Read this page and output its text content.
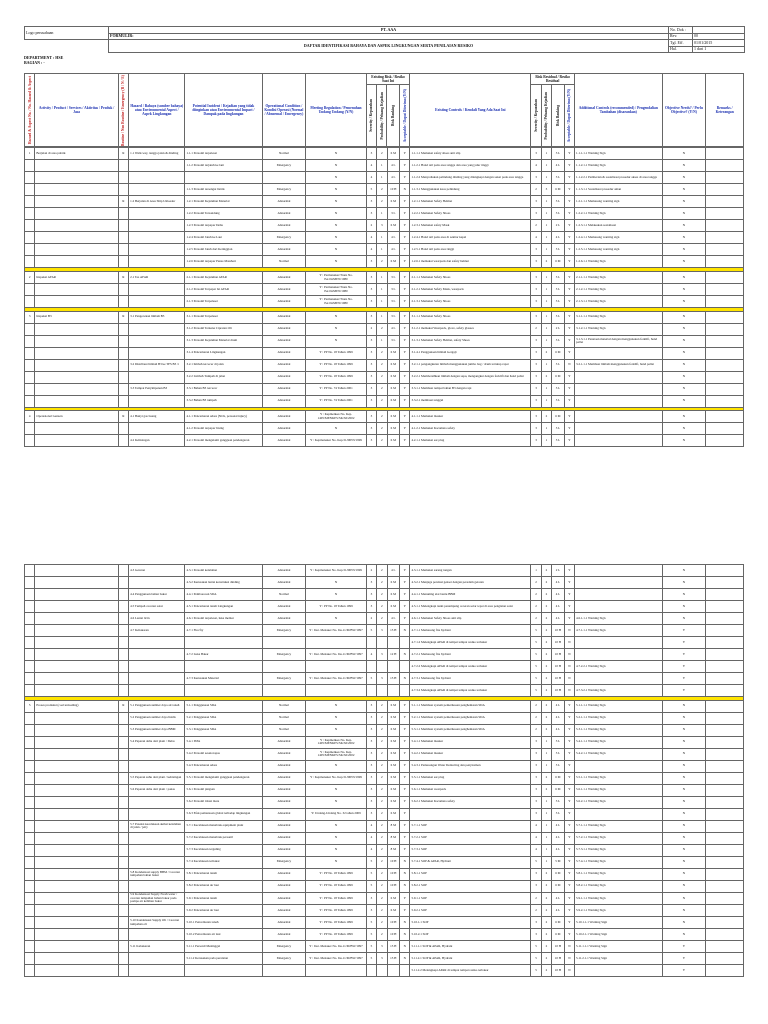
Logo perusahaan	PT. AAA	No. Dok :	
	FORMULIR:	Rev.	00
	DAFTAR IDENTIFIKASI BAHAYA DAN ASPEK LINGKUNGAN SERTA PENILAIAN RESIKO	Tgl. Eff.	01/01/2015
		Hal.	1 dari 1
DEPARTMENT : HSE
BAGIAN : -
Hazard & Aspect No. / No. Hazard & Aspect	Activity / Product / Services / Aktivitas / Produk / Jasa	Routine / Non Routine / Emergency (R / N / E)	Hazard / Bahaya (sumber bahaya) atau Environmental Aspect / Aspek Lingkungan	Potential Incident / Kejadian yang tidak diinginkan atau Environmental Impact / Dampak pada lingkungan	Operational Condition / Kondisi Operasi (Normal / Abnormal / Emergency)	Meeting Regulation / Pemenuhan Undang Undang (Y/N)	Existing Risk / Resiko Saat Ini				Existing Controls / Kendali Yang Ada Saat Ini	Risk Residual / Resiko Residual				Additional Controls (recommended) / Pengendalian Tambahan (disarankan)	Objective Needs? / Perlu Objective? (Y/N)	Remarks / Keterangan

							Severity / Keparahan	Probability / Peluang Kejadian	Risk Ranking	Acceptable / Dapat Diterima (Y/N)		Severity / Keparahan	Probability / Peluang Kejadian	Risk Ranking	Acceptable / Dapat Diterima (Y/N)			
1	Berjalan di area pabrik	R	1.1 Walk way, tangga jalan & dinding	1.1.1 Personil terpeleset	Normal	N	3	2	6 M	Y	1.1.1.1 Memakai safety shoes anti slip	3	1	3 L	Y	1.1.1.1.1 Warning Sign	N	
				1.1.2 Personil terjatuh ke lant	Emergency	N	4	1	4 L	Y	1.1.2.1 Hand rail pada area tangga dan area yang jalur tinggi	4	1	4 L	Y	1.1.2.1.1 Warning Sign	N	
						N	4	1	4 L	Y	1.1.2.2 Menyediakan pelindung dinding yang dilengkapi dengan sekat pada area tangga	3	1	3 L	Y	1.1.2.2.1 Pemberian & sosialisasi prosedur akses di area tangga	N	
				1.1.3 Personil tersengat listrik	Emergency	N	5	2	10 H	N	1.1.3.1 Menggunakan kaos pelindung	2	3	6 M	Y	1.1.3.1.1 Sosialisasi prosedur aman	N	
		R	1.2 Berjalan di Area Ship Unloader	1.2.1 Personil Kejatuhan Material	Abnormal	N	3	2	6 M	Y	1.2.1.1 Memakai Safety Helmet	3	1	3 L	Y	1.2.1.1.1 Memasang warning sign	N	
				1.2.2 Personil Tersandung	Abnormal	N	3	1	3 L	Y	1.2.2.1 Memakai Safety Shoes	3	1	3 L	Y	1.2.2.1.1 Warning Sign	N	
				1.2.3 Personil terpapar Debu	Abnormal	N	2	3	6 M	Y	1.2.3.1 Memakai safety Mask	2	1	2 L	Y	1.2.3.1.1 Melakukan sosialisasi	N	
				1.2.4 Personil Jatuh ke Laut	Emergency	N	4	1	4 L	Y	1.2.4.1 Hand rail pada area di sekitar kapal	4	1	4 L	Y	1.2.4.1.1 Memasang warning sign	N	
				1.2.5 Personil Jatuh dari Ketinggian	Abnormal	N	4	1	4 L	Y	1.2.5.1 Hand rail pada area tinggi	3	1	3 L	Y	1.2.5.1.1 Memasang warning sign	N	
				1.2.6 Personil terpapar Panas Matahari	Normal	N	3	2	6 M	Y	1.2.6.1 memakai wearpack dan safety helmet	3	2	6 M	Y	1.2.6.1.1 Warning Sign	N	

2	Inspeksi AFAR	R	2.1 Tes AFAR	2.1.1 Personil Kejatuhan AFAR	Abnormal	Y : Permenaker/Trans No. Per.04/MEN/1980	3	1	3 L	Y	2.1.1.1 Memakai Safety Shoes	3	1	3 L	Y	2.1.1.1.1 Warning Sign	N	
				2.1.2 Personil Terpapar Isi AFAR	Abnormal	Y : Permenaker/Trans No. Per.04/MEN/1980	3	1	3 L	Y	2.1.2.1 Memakai Safety Mask, wearpack	3	1	3 L	Y	2.1.2.1.1 Warning Sign	N	
				2.1.3 Personil Terpeleset	Abnormal	Y : Permenaker/Trans No. Per.04/MEN/1980	3	1	3 L	Y	2.1.3.1 Memakai Safety Shoes	3	1	3 L	Y	2.1.3.1.1 Warning Sign	N	

3	Inspeksi B3	R	3.1 Pengecekan limbah B3	3.1.1 Personil Terpeleset	Abnormal	N	3	1	3 L	Y	3.1.1.1 Memakai Safety Shoes	3	1	3 L	Y	3.1.1.1.1 Warning Sign	N	
				3.1.2 Personil Terkena Cipratan Oli	Abnormal	N	2	2	4 L	Y	3.1.2.1 memakai Wearpack, glove, safety glasses	2	1	2 L	Y	3.1.2.1.1 Warning Sign	N	
				3.1.3 Personil Kejatuhan Material drum	Abnormal	N	3	1	3 L	Y	3.1.3.1 Memakai Safety Helmet, safety Shoes	3	1	3 L	Y	3.1.3.1.1 Penataan material dengan menggunakan forklift, hand pallet	N	
				3.1.4 Pencemaran Lingkungan	Abnormal	Y : PP No. 18 Tahun 1999	3	2	6 M	Y	3.1.4.1 Penggunaan limbah Gergaji	3	2	6 M	Y		N	
			3.2 Distribusi limbah B3 ke TPS B3 /t	3.2.1 limbah tercecer di jalan	Abnormal	Y : PP No. 18 Tahun 1999	3	2	6 M	Y	3.2.1.1 pengangkutan limbah menggunakan jumbo bag / drum tertutup rapat	3	1	3 L	N	3.2.1.1.1 Membuat limbah menggunakan forklift, hand pallet	N	
				3.2.2 Limbah Tumpah di jalan	Abnormal	Y : PP No. 18 Tahun 1999	3	2	6 M	Y	3.2.2.1 Membersihkan limbah dengan sapu, mengangkut dengan forklift dan hand pallet	3	2	6 M	Y		N	
			3.3 Tempat Penyimpanan B3	3.3.1 Bahan B3 tercecer	Abnormal	Y : PP No. 74 Tahun 2001	3	2	6 M	Y	3.3.1.1 Membuat tempat bahan B3 dengan rapi	3	1	3 L	Y		N	
				3.3.2 Bahan B3 tumpah	Abnormal	Y : PP No. 74 Tahun 2001	3	2	6 M	Y	3.3.2.1 membuat tanggul	3	1	3 L	Y		N	

4	Operasional Gensets	R	4.1 Bunyi gas buang	4.1.1 Pencemaran udara (NOx, personal injury)	Abnormal	Y : Kepmenkes No. Kep. 1405/MENKES/SK/XI/2002	3	2	6 M	Y	4.1.1.1 Memakai masker	3	2	6 M	Y		N	
				4.1.2 Personil terpapar bising	Abnormal	N	3	2	6 M	Y	4.1.2.1 Memakai Kacamata safety	3	1	3 L	Y		N	
			4.2 Kebisingan	4.2.1 Personil mengalami gangguan pendengaran	Abnormal	Y : Kepmenaker No. Kep.51/MEN/1999	3	2	6 M	Y	4.2.1.1 Memakai ear plug	3	1	3 L	Y		N	
			4.3 Getaran	4.3.1 Personil kelelahan	Abnormal	Y : Kepmenaker No. Kep.51/MEN/1999	2	2	4 L	Y	4.3.1.1 Memakai sarung tangan	1	2	2 L	Y		N	
				4.3.2 Kerusakan lantai konstruksi dinding	Abnormal	N	3	2	6 M	Y	4.3.2.1 Menjaga pondasi genset dengan peredam getaran	2	2	4 L	Y		N	
			4.4 Penggunaan bahan bakar	4.4.1 Pemborosan SDA	Normal	N	3	2	6 M	Y	4.4.1.1 Menumng alat bantu BBM	2	2	4 L	Y		N	
			4.5 Tumpah ceceran solar	4.5.1 Pencemaran tanah Lingkungan	Abnormal	Y : PP No. 18 Tahun 1999	3	2	6 M	Y	4.5.1.1 Melengkapi tanki penampung ceceran solar tepat di area pengisian solar	2	2	4 L	Y		N	
			4.6 Lantai licin	4.6.1 Personil terpeleset, luka memar	Abnormal	N	2	2	4 L	Y	4.6.1.1 Memakai Safety Shoes anti slip	2	2	4 L	Y	4.6.1.1.1 Warning Sign	N	
			4.7 Kebakaran	4.7.1 Fire/fry	Emergency	Y : Inst. Menaker No. Ins.11/M/BW/1997	5	3	15 H	N	4.7.1.1 Memasang fire hydrant	5	2	10 H	N	4.7.1.1.1 Warning Sign	Y	
											4.7.1.2 Melengkapi APAR di tempat tempat resiko terbakar	5	2	10 H	N		Y	
				4.7.2 Luka Bakar	Emergency	Y : Inst. Menaker No. Ins.11/M/BW/1997	4	3	12 H	N	4.7.2.1 Memasang fire hydrant	5	2	10 H	N		Y	
											4.7.2.2 Melengkapi APAR di tempat tempat resiko terbakar	5	2	10 H	N	4.7.2.2.1 Warning Sign	Y	
				4.7.3 Kerusakan Material	Emergency	Y : Inst. Menaker No. Ins.11/M/BW/1997	5	3	15 H	N	4.7.3.1 Memasang fire hydrant	5	2	10 H	N		Y	
											4.7.3.2 Melengkapi APAR di tempat tempat resiko terbakar	5	2	10 H	N	4.7.3.2.1 Warning Sign	Y	

5	Proses produksi (coal unloading)	R	5.1 Penggunaan sumber daya air tanah	5.1.1 Penggunaan SDA	Normal	N	3	2	6 M	Y	5.1.1.1 Membuat system pemeriksaan penghematan SDA	2	2	4 L	Y	5.1.1.1.1 Warning Sign	N	
			5.2 Penggunaan sumber daya listrik	5.2.1 Penggunaan SDA	Normal	N	3	2	6 M	Y	5.2.1.1 Membuat system pemeriksaan penghematan SDA	2	2	4 L	Y	5.2.1.1.1 Warning Sign	N	
			5.3 Penggunaan sumber daya BBM	5.3.1 Penggunaan SDA	Normal	N	3	2	6 M	Y	5.3.1.1 Membuat system pemeriksaan penghematan SDA	2	2	4 L	Y	5.3.1.1.1 Warning Sign	N	
			5.4 Paparan debu dari plant / Debu	5.4.1 ISPA	Abnormal	Y : Kepmenkes No. Kep. 1405/MENKES/SK/XI/2002	3	2	6 M	Y	5.4.1.1 Memakai masker	3	1	3 L	Y	5.4.1.1.1 Warning Sign	N	
				5.4.2 Personil sesak napas	Abnormal	Y : Kepmenkes No. Kep. 1405/MENKES/SK/XI/2002	3	2	6 M	Y	5.4.2.1 Memakai masker	3	1	3 L	Y	5.4.2.1.1 Warning Sign	N	
				5.4.3 Pencemaran udara	Abnormal	N	3	2	6 M	Y	5.4.3.1 Pemasangan Water Deducting dan penyiraman	3	1	3 L	Y		N	
			5.5 Paparan suhu dari plant / kebisingan	5.5.1 Personil mengalami gangguan pendengaran	Abnormal	Y : Kepmenaker No. Kep.51/MEN/1999	3	2	6 M	Y	5.5.1.1 Memakai ear plug	3	2	6 M	Y	5.5.1.1.1 Warning Sign	N	
			5.6 Paparan debu dari plant / panas	5.6.1 Personil pingsan	Abnormal	N	3	2	6 M	Y	5.6.1.1 Memakai wearpack	3	2	6 M	Y	5.6.1.1.1 Warning Sign	N	
				5.6.2 Personil iritasi mata	Abnormal	N	3	2	6 M	Y	5.6.2.1 Memakai Kacamata safety	3	1	3 L	Y	5.6.2.1.1 Warning Sign	N	
				5.6.3 Efek pemanasan global terhadap lingkungan	Abnormal	Y: Undang-Undang No. 32 tahun 2009	3	2	6 M	Y		3	1	3 L	Y		N	
			5.7 Potensi kecelakaan akibat kelelahan di jalan / jetty	5.7.1 Kecelakaan menabrak equipment plant	Abnormal	N	4	2	8 M	Y	5.7.1.1 SOP	4	1	4 L	Y	5.7.1.1.1 Warning Sign	N	
				5.7.2 Kecelakaan menabrak personil	Abnormal	N	4	2	8 M	Y	5.7.2.1 SOP	4	1	4 L	Y	5.7.2.1.1 Warning Sign	N	
				5.7.3 Kecelakaan terguling	Abnormal	N	4	2	8 M	Y	5.7.3.1 SOP	4	1	4 L	Y	5.7.3.1.1 Warning Sign	N	
				5.7.4 Kecelakaan terbakar	Emergency	N	5	2	10 H	N	5.7.4.1 SOP & APAR, Hydrant	5	1	5 M	Y	5.7.4.1.1 Warning Sign	N	
			5.8 Kondensasi supply BBM / Ceceran tumpahan bahan bakar	5.8.1 Pencemaran tanah	Abnormal	Y : PP No. 18 Tahun 1999	5	2	10 H	N	5.8.1.1 SOP	3	2	6 M	Y	5.8.1.1.1 Warning Sign	N	
				5.8.2 Pencemaran air laut	Abnormal	Y : PP No. 18 Tahun 1999	5	2	10 H	N	5.8.2.1 SOP	3	2	6 M	Y	5.8.2.1.1 Warning Sign	N	
			5.9 Kondensasi Supply Fresh water / ceceran tumpahan bahan bakar pada pompa air kebihan bakar	5.9.1 Pencemaran tanah	Abnormal	Y : PP No. 18 Tahun 1999	3	2	6 M	Y	5.9.1.1 SOP	2	2	4 L	Y	5.9.1.1.1 Warning Sign	N	
				5.9.2 Pencemaran air laut	Abnormal	Y : PP No. 18 Tahun 1999	3	2	6 M	Y	5.9.2.1 SOP	2	2	4 L	Y	5.9.2.1.1 Warning Sign	N	
			5.10 Kondensasi Supply Oli / Ceceran tumpahan oli	5.10.1 Pencemaran tanah	Abnormal	Y : PP No. 18 Tahun 1999	5	2	10 H	N	5.10.1.1 SOP	3	2	6 M	Y	5.10.1.1.1 Warning Sign	N	
				5.10.2 Pencemaran air laut	Abnormal	Y : PP No. 18 Tahun 1999	5	2	10 H	N	5.10.2.1 SOP	3	2	6 M	Y	5.10.2.1.1 Warning Sign	N	
			5.11 Kebakaran	5.11.1 Personil Meninggal	Emergency	Y : Inst. Menaker No. Ins.11/M/BW/1997	5	3	15 H	N	5.11.1.1 SOP & APAR, Hydrant	5	2	10 H	N	5.11.1.1.1 Warning Sign	Y	
				5.11.2 Kerusakan pada peralatan	Emergency	Y : Inst. Menaker No. Ins.11/M/BW/1997	5	3	15 H	N	5.11.2.1 SOP & APAR, Hydrant	5	2	10 H	N	5.11.2.1.1 Warning Sign	Y	
											5.11.2.2 Melengkapi APAR di tempat tempat resiko terbakar	5	2	10 H	N		Y	
